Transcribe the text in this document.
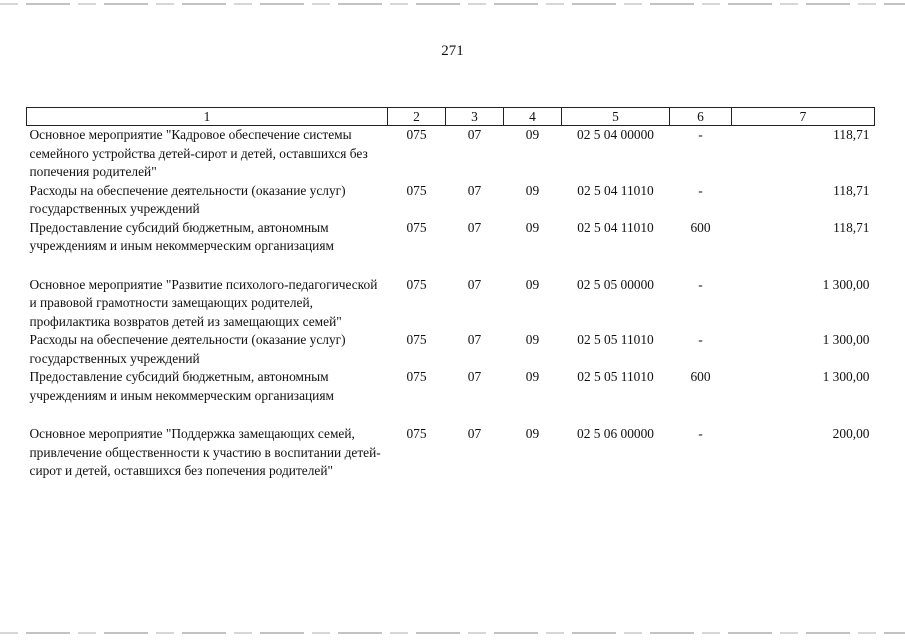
271
1	2	3	4	5	6	7
Основное мероприятие "Кадровое обеспечение системы семейного устройства детей-сирот и детей, оставшихся без попечения родителей"	075	07	09	02 5 04 00000	-	118,71
Расходы на обеспечение деятельности (оказание услуг) государственных учреждений	075	07	09	02 5 04 11010	-	118,71
Предоставление субсидий бюджетным, автономным учреждениям и иным некоммерческим организациям	075	07	09	02 5 04 11010	600	118,71

Основное мероприятие "Развитие психолого-педагогической и правовой грамотности замещающих родителей, профилактика возвратов детей из замещающих семей"	075	07	09	02 5 05 00000	-	1 300,00
Расходы на обеспечение деятельности (оказание услуг) государственных учреждений	075	07	09	02 5 05 11010	-	1 300,00
Предоставление субсидий бюджетным, автономным учреждениям и иным некоммерческим организациям	075	07	09	02 5 05 11010	600	1 300,00

Основное мероприятие "Поддержка замещающих семей, привлечение общественности к участию в воспитании детей-сирот и детей, оставшихся без попечения родителей"	075	07	09	02 5 06 00000	-	200,00
